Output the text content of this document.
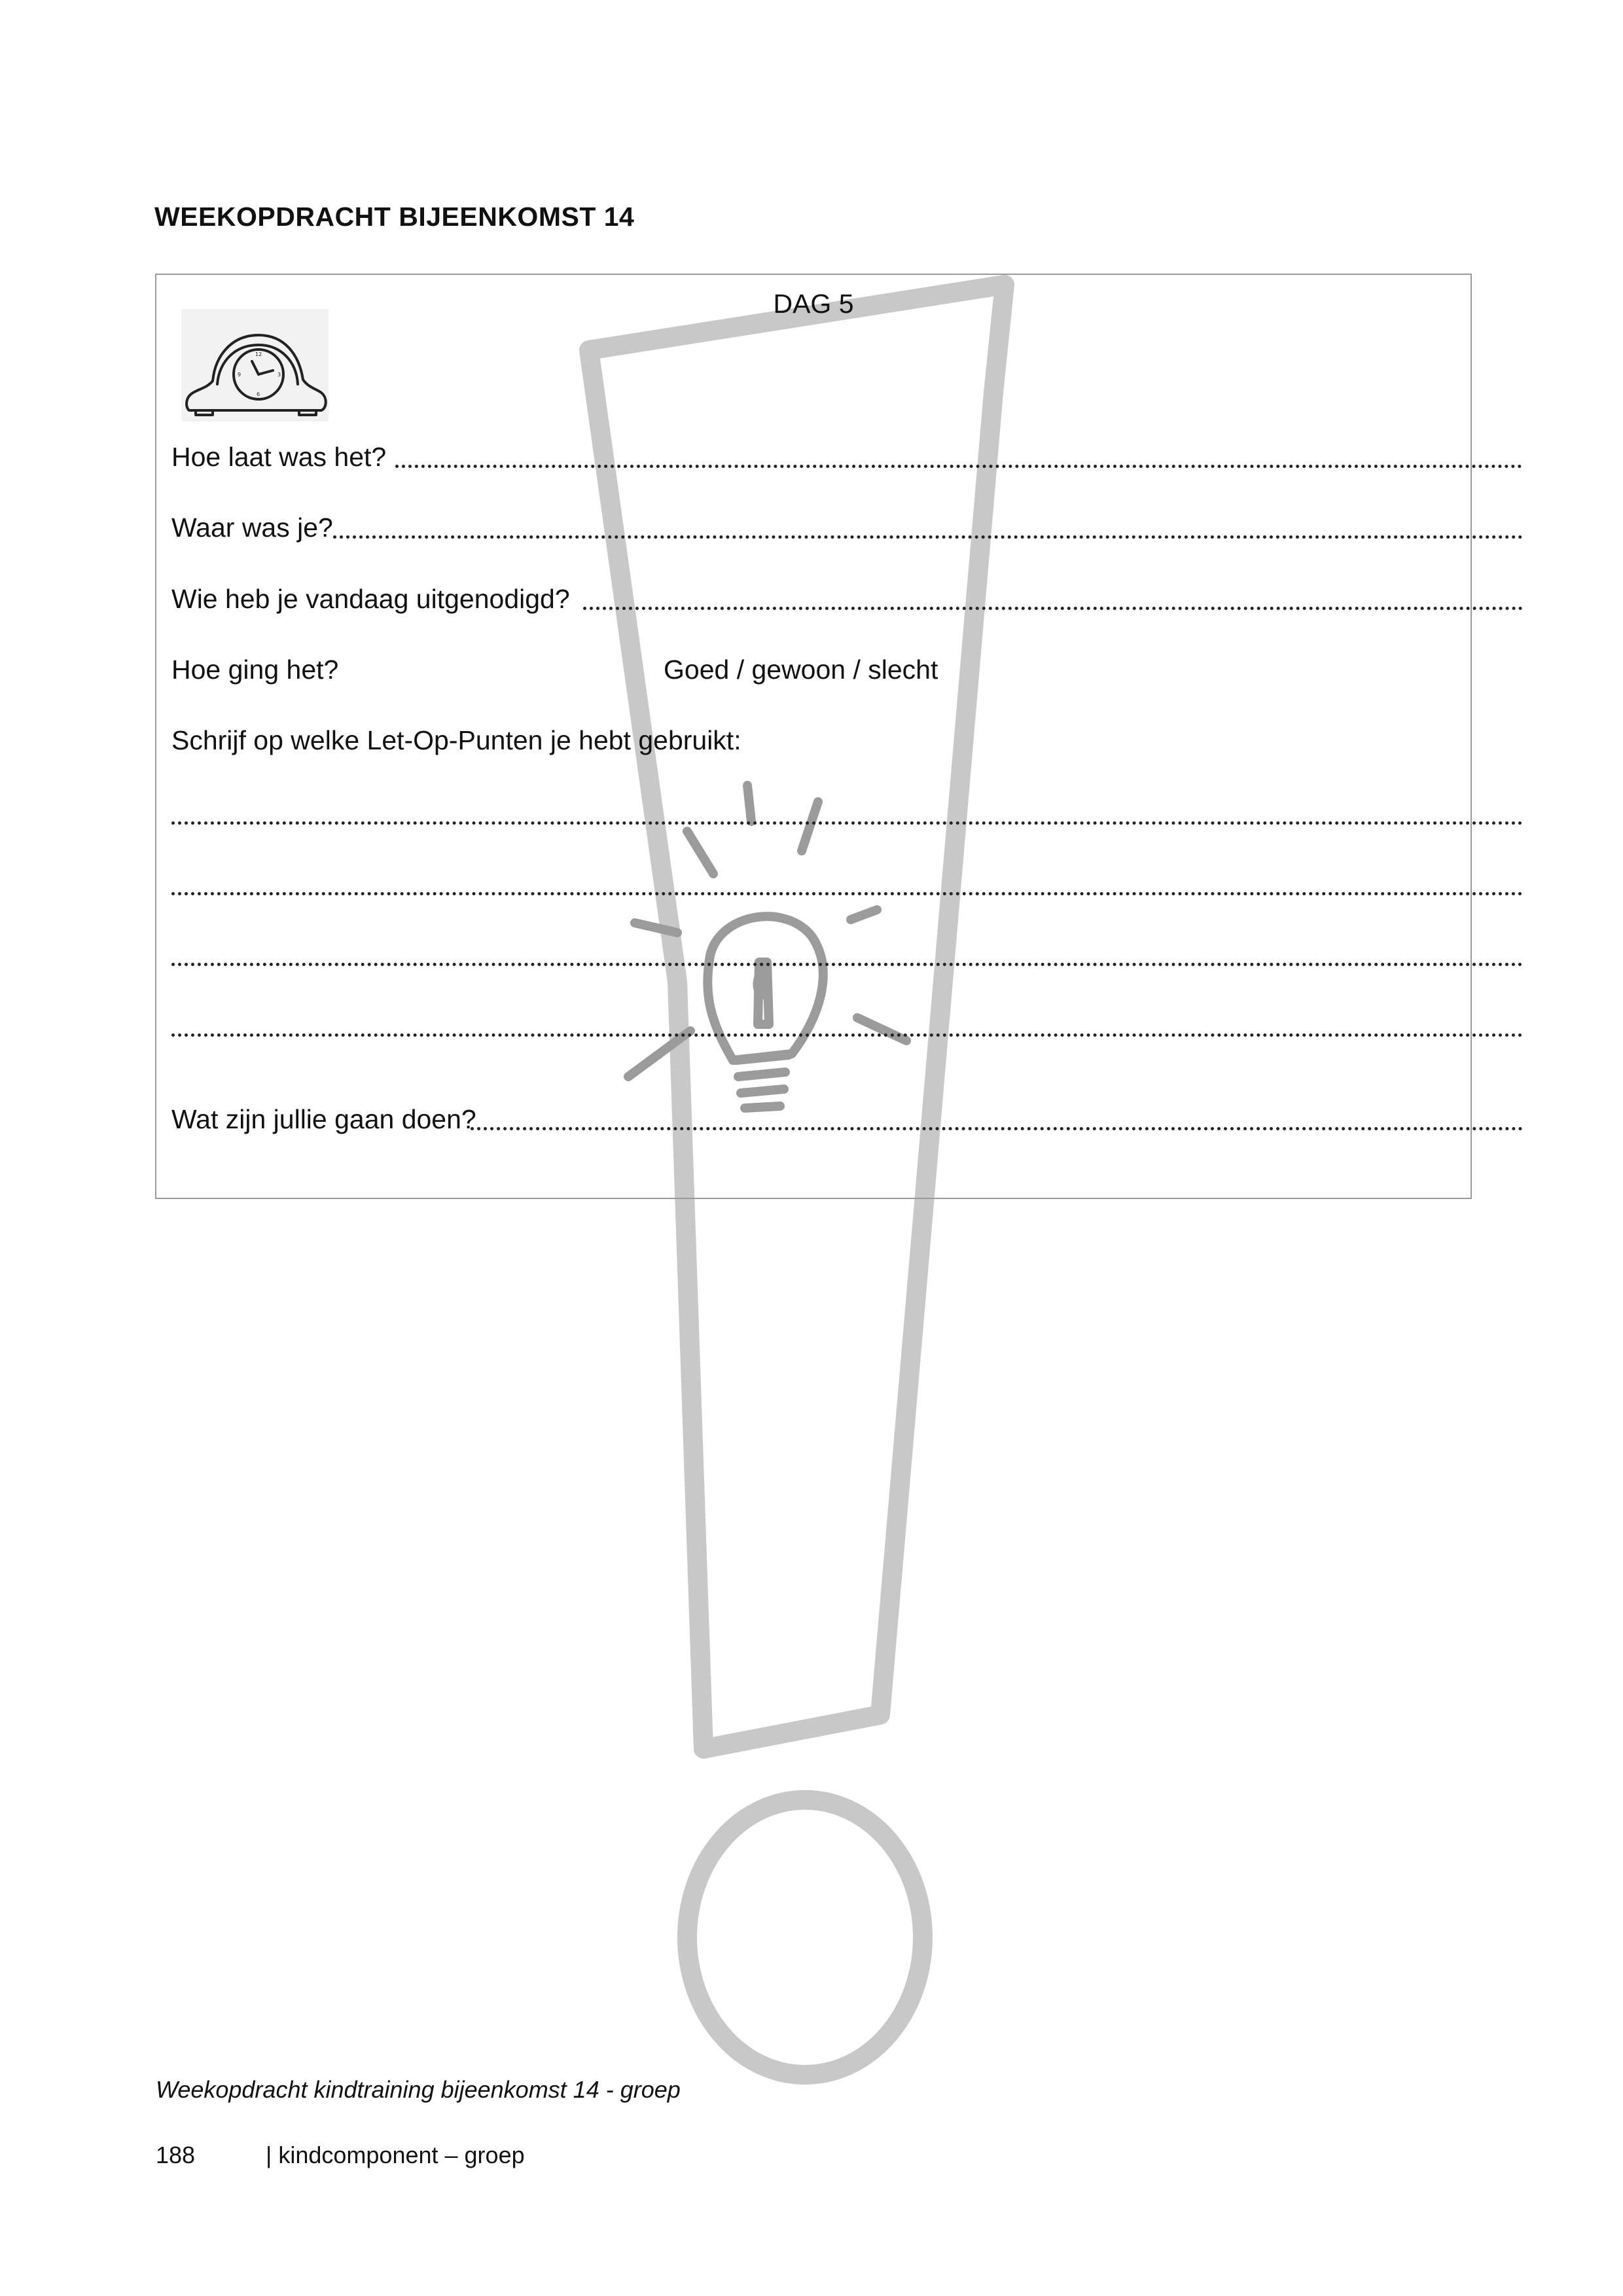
WEEKOPDRACHT BIJEENKOMST 14
DAG 5
12
3
6
9
Hoe laat was het?
Waar was je?
Wie heb je vandaag uitgenodigd?
Hoe ging het?	Goed / gewoon / slecht
Schrijf op welke Let-Op-Punten je hebt gebruikt:
Wat zijn jullie gaan doen?
Weekopdracht kindtraining bijeenkomst 14 - groep
188	| kindcomponent – groep
